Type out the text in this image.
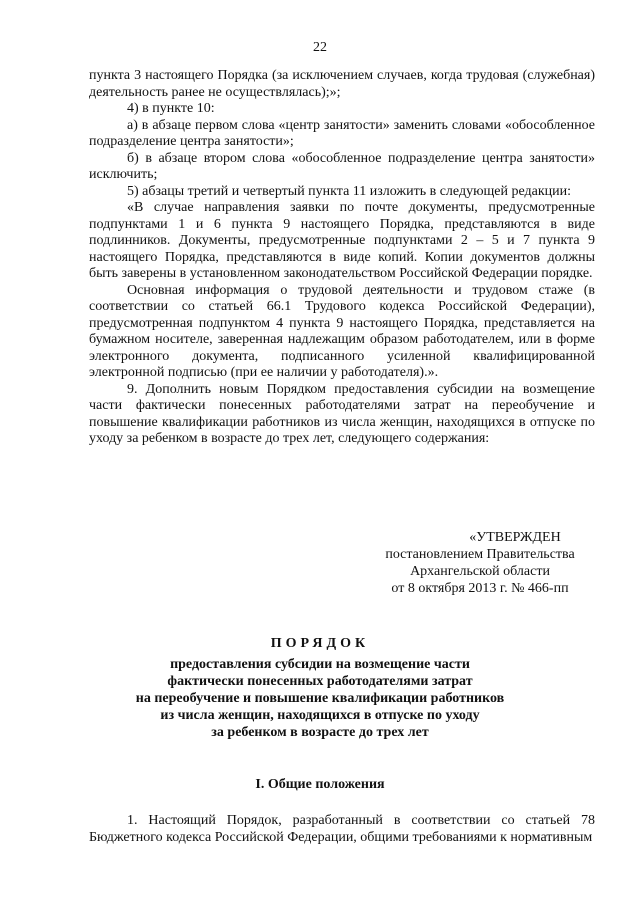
22

пункта 3 настоящего Порядка (за исключением случаев, когда трудовая (служебная) деятельность ранее не осуществлялась);»;

4) в пункте 10:

а) в абзаце первом слова «центр занятости» заменить словами «обособленное подразделение центра занятости»;

б) в абзаце втором слова «обособленное подразделение центра занятости» исключить;

5) абзацы третий и четвертый пункта 11 изложить в следующей редакции:

«В случае направления заявки по почте документы, предусмотренные подпунктами 1 и 6 пункта 9 настоящего Порядка, представляются в виде подлинников. Документы, предусмотренные подпунктами 2 – 5 и 7 пункта 9 настоящего Порядка, представляются в виде копий. Копии документов должны быть заверены в установленном законодательством Российской Федерации порядке.

Основная информация о трудовой деятельности и трудовом стаже (в соответствии со статьей 66.1 Трудового кодекса Российской Федерации), предусмотренная подпунктом 4 пункта 9 настоящего Порядка, представляется на бумажном носителе, заверенная надлежащим образом работодателем, или в форме электронного документа, подписанного усиленной квалифицированной электронной подписью (при ее наличии у работодателя).».

9. Дополнить новым Порядком предоставления субсидии на возмещение части фактически понесенных работодателями затрат на переобучение и повышение квалификации работников из числа женщин, находящихся в отпуске по уходу за ребенком в возрасте до трех лет, следующего содержания:

«УТВЕРЖДЕН
постановлением Правительства
Архангельской области
от 8 октября 2013 г. № 466-пп
ПОРЯДОК
предоставления субсидии на возмещение части
фактически понесенных работодателями затрат
на переобучение и повышение квалификации работников
из числа женщин, находящихся в отпуске по уходу
за ребенком в возрасте до трех лет
I. Общие положения

1. Настоящий Порядок, разработанный в соответствии со статьей 78 Бюджетного кодекса Российской Федерации, общими требованиями к нормативным
